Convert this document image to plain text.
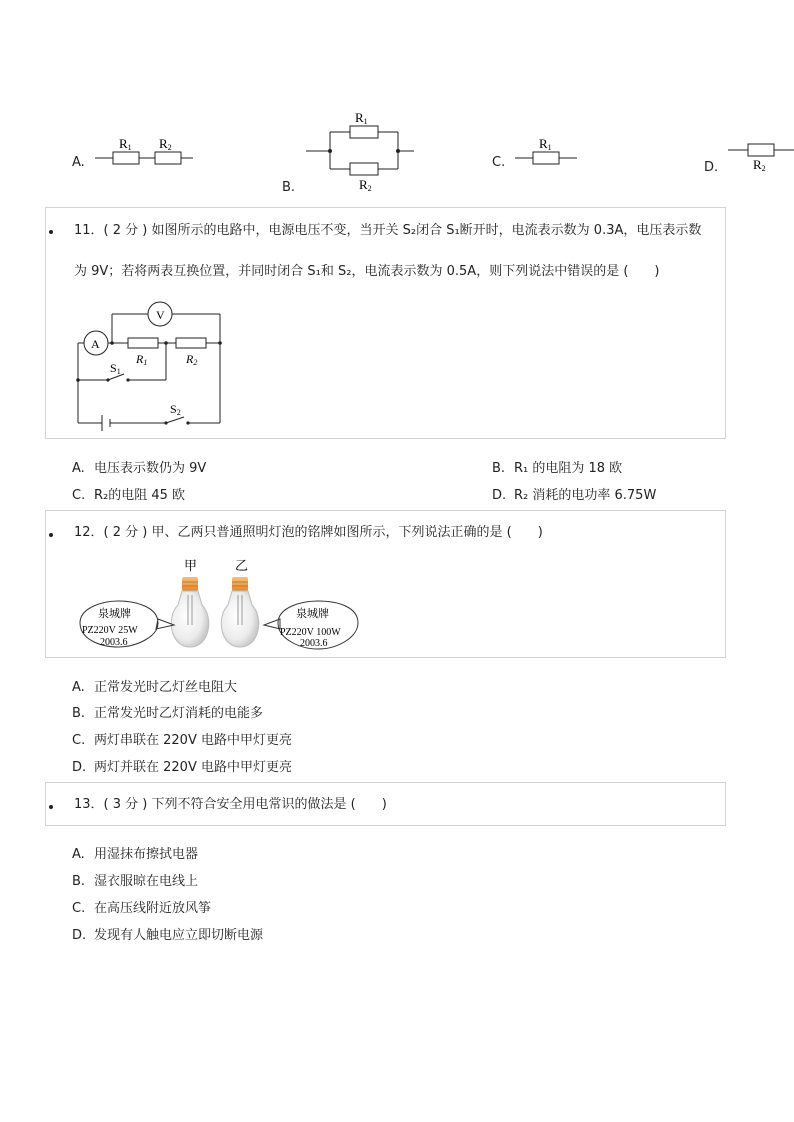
A.
R1 R2
B.
R1
R2
C.
R1
D.	R2
11．( 2 分 ) 如图所示的电路中，电源电压不变，当开关 S₂闭合 S₁断开时，电流表示数为 0.3A，电压表示数
为 9V；若将两表互换位置，并同时闭合 S₁和 S₂，电流表示数为 0.5A，则下列说法中错误的是 (　　)
V
A
R1	R2
S1
S2
A. 电压表示数仍为 9V	B. R₁ 的电阻为 18 欧
C. R₂的电阻 45 欧	D. R₂ 消耗的电功率 6.75W
12．( 2 分 ) 甲、乙两只普通照明灯泡的铭牌如图所示，下列说法正确的是 (　　)
甲	乙
泉城牌
PZ220V 25W
2003.6
泉城牌
PZ220V 100W
2003.6
A. 正常发光时乙灯丝电阻大
B. 正常发光时乙灯消耗的电能多
C. 两灯串联在 220V 电路中甲灯更亮
D. 两灯并联在 220V 电路中甲灯更亮
13．( 3 分 ) 下列不符合安全用电常识的做法是 (　　)
A. 用湿抹布擦拭电器
B. 湿衣服晾在电线上
C. 在高压线附近放风筝
D. 发现有人触电应立即切断电源
